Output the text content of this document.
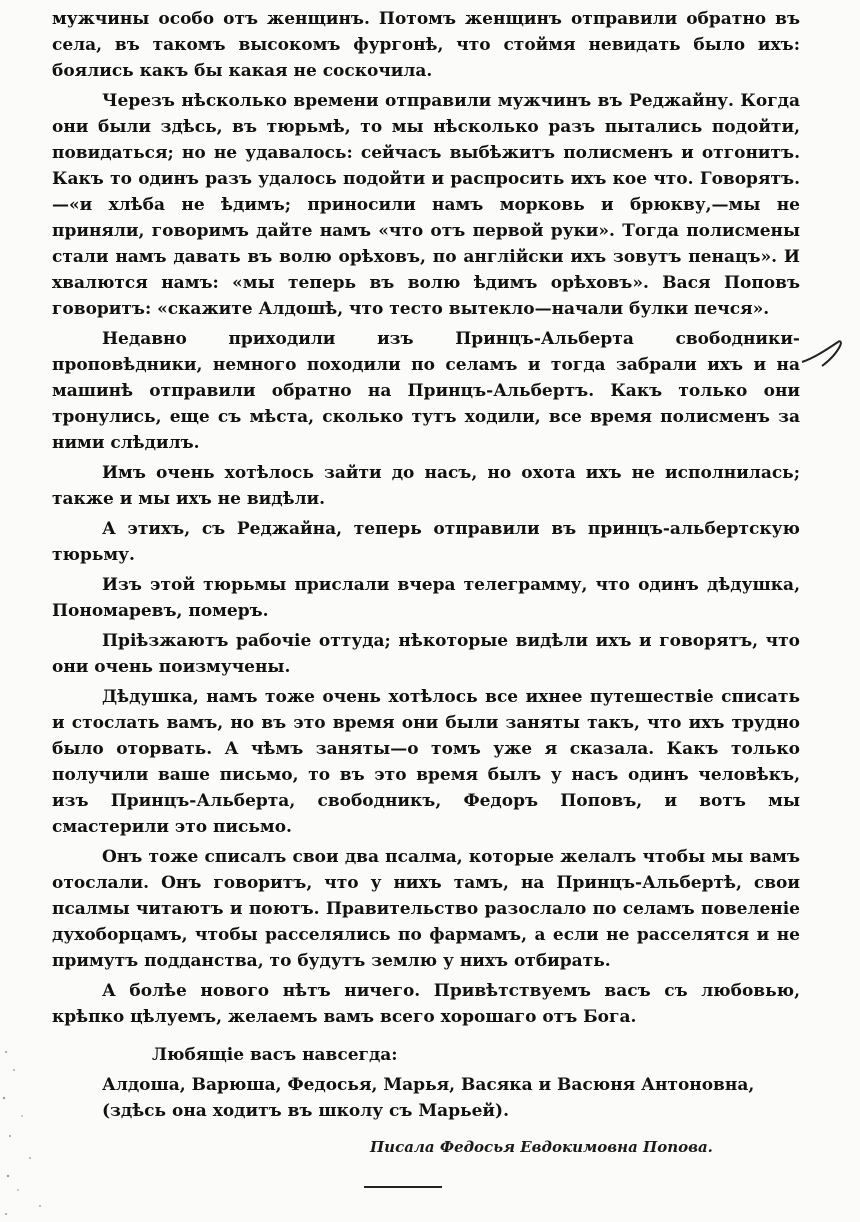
мужчины особо отъ женщинъ. Потомъ женщинъ отправили обратно въ села, въ такомъ высокомъ фургонѣ, что стоймя невидать было ихъ: боялись какъ бы какая не соскочила.

Черезъ нѣсколько времени отправили мужчинъ въ Реджайну. Когда они были здѣсь, въ тюрьмѣ, то мы нѣсколько разъ пытались подойти, повидаться; но не удавалось: сейчасъ выбѣжитъ полисменъ и отгонитъ. Какъ то одинъ разъ удалось подойти и распросить ихъ кое что. Говорятъ.—«и хлѣба не ѣдимъ; приносили намъ морковь и брюкву,—мы не приняли, говоримъ дайте намъ «что отъ первой руки». Тогда полисмены стали намъ давать въ волю орѣховъ, по англійски ихъ зовутъ пенацъ». И хвалются намъ: «мы теперь въ волю ѣдимъ орѣховъ». Вася Поповъ говоритъ: «скажите Алдошѣ, что тесто вытекло—начали булки печся».

Недавно приходили изъ Принцъ-Альберта свободники-проповѣдники, немного походили по селамъ и тогда забрали ихъ и на машинѣ отправили обратно на Принцъ-Альбертъ. Какъ только они тронулись, еще съ мѣста, сколько тутъ ходили, все время полисменъ за ними слѣдилъ.

Имъ очень хотѣлось зайти до насъ, но охота ихъ не исполнилась; также и мы ихъ не видѣли.

А этихъ, съ Реджайна, теперь отправили въ принцъ-альбертскую тюрьму.

Изъ этой тюрьмы прислали вчера телеграмму, что одинъ дѣдушка, Пономаревъ, померъ.

Пріѣзжаютъ рабочіе оттуда; нѣкоторые видѣли ихъ и говорятъ, что они очень поизмучены.

Дѣдушка, намъ тоже очень хотѣлось все ихнее путешествіе списать и стослать вамъ, но въ это время они были заняты такъ, что ихъ трудно было оторвать. А чѣмъ заняты—о томъ уже я сказала. Какъ только получили ваше письмо, то въ это время былъ у насъ одинъ человѣкъ, изъ Принцъ-Альберта, свободникъ, Федоръ Поповъ, и вотъ мы смастерили это письмо.

Онъ тоже списалъ свои два псалма, которые желалъ чтобы мы вамъ отослали. Онъ говоритъ, что у нихъ тамъ, на Принцъ-Альбертѣ, свои псалмы читаютъ и поютъ. Правительство разослало по селамъ повеленіе духоборцамъ, чтобы расселялись по фармамъ, а если не расселятся и не примутъ подданства, то будутъ землю у нихъ отбирать.

А болѣе нового нѣтъ ничего. Привѣтствуемъ васъ съ любовью, крѣпко цѣлуемъ, желаемъ вамъ всего хорошаго отъ Бога.

Любящіе васъ навсегда:

Алдоша, Варюша, Федосья, Марья, Васяка и Васюня Антоновна, (здѣсь она ходитъ въ школу съ Марьей).

Писала Федосья Евдокимовна Попова.
